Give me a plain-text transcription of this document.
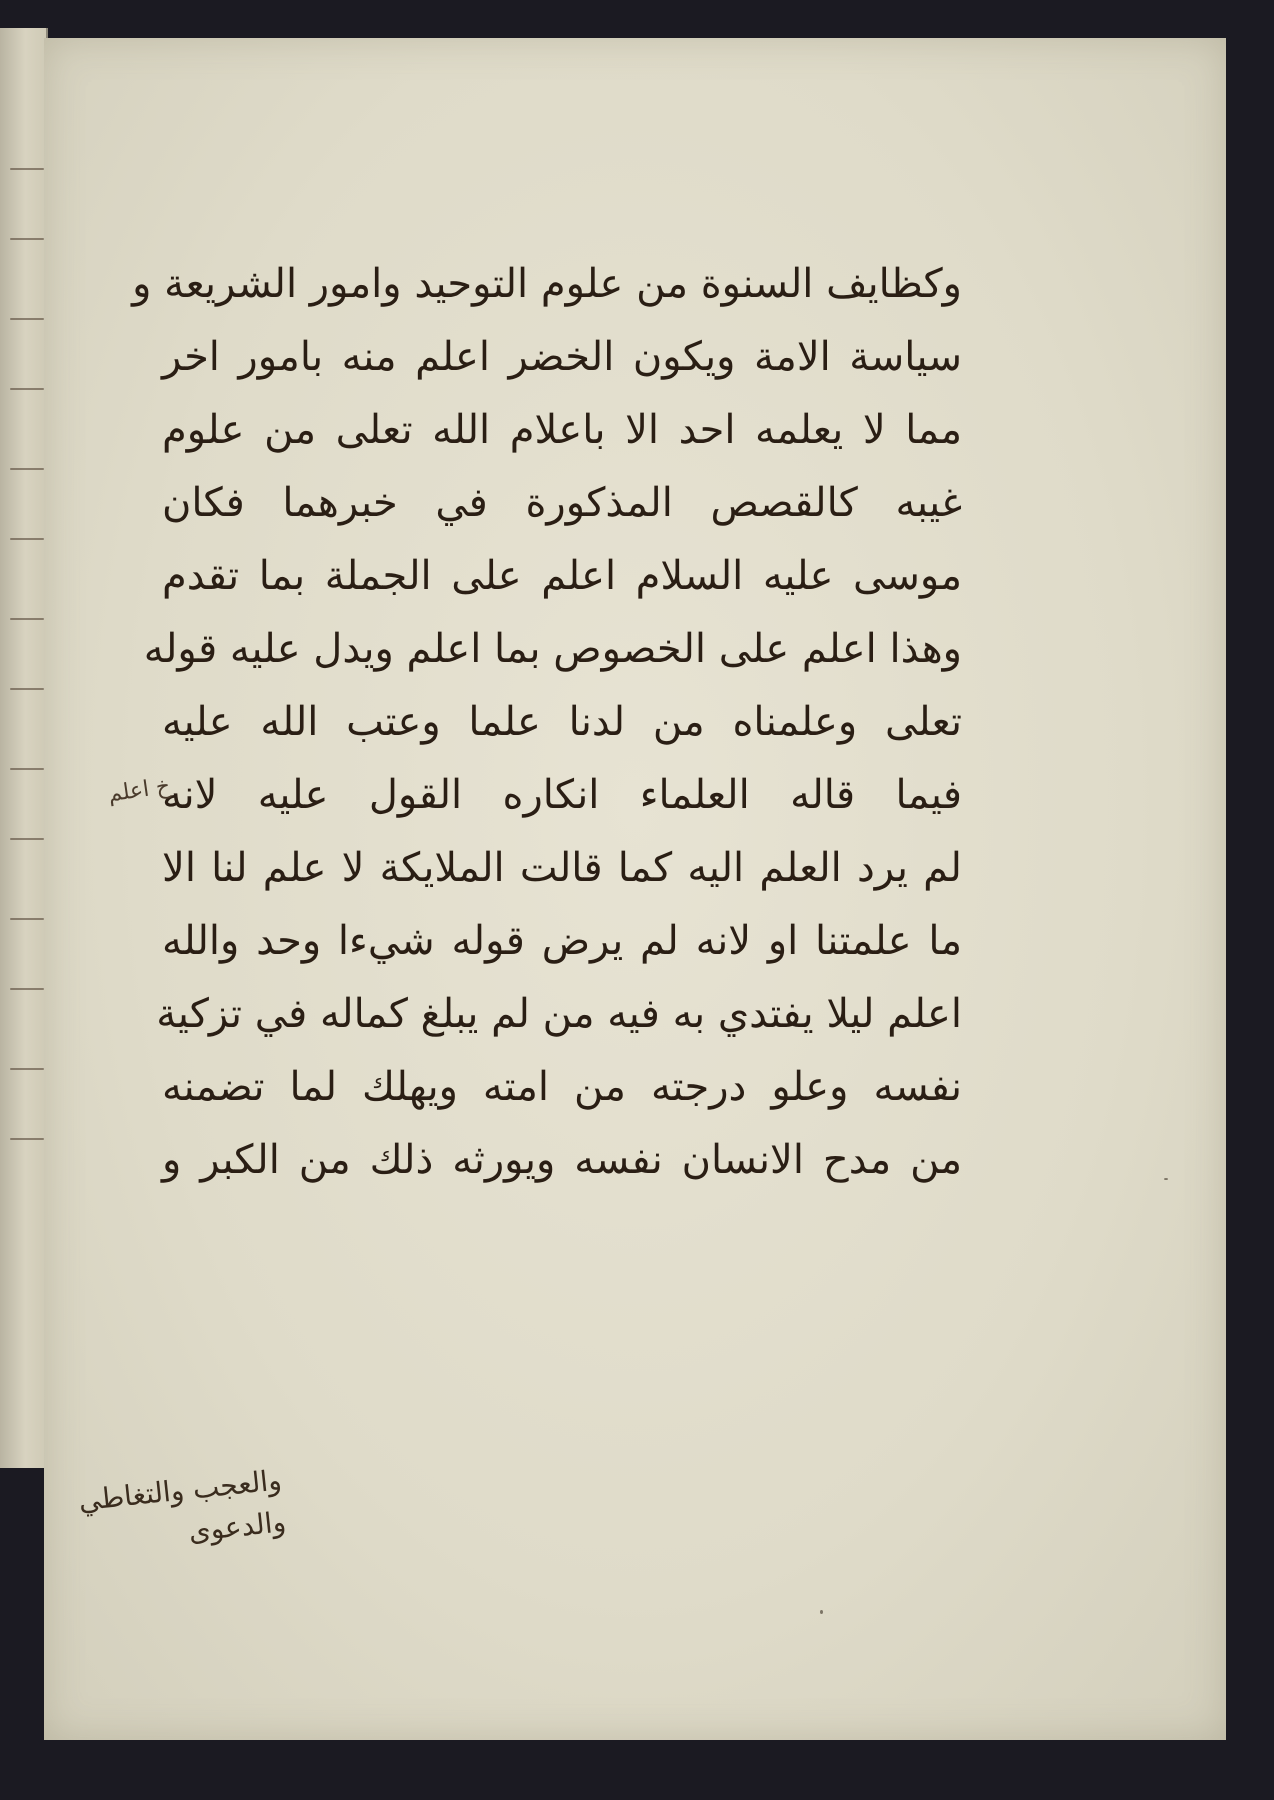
وكظايف السنوة من علوم التوحيد وامور الشريعة و
سياسة الامة ويكون الخضر اعلم منه بامور اخر
مما لا يعلمه احد الا باعلام الله تعلى من علوم
غيبه كالقصص المذكورة في خبرهما فكان
موسى عليه السلام اعلم على الجملة بما تقدم
وهذا اعلم على الخصوص بما اعلم ويدل عليه قوله
تعلى وعلمناه من لدنا علما وعتب الله عليه
فيما قاله العلماء انكاره القول عليه لانه
لم يرد العلم اليه كما قالت الملايكة لا علم لنا الا
ما علمتنا او لانه لم يرض قوله شيءا وحد والله
اعلم ليلا يفتدي به فيه من لم يبلغ كماله في تزكية
نفسه وعلو درجته من امته ويهلك لما تضمنه
من مدح الانسان نفسه ويورثه ذلك من الكبر و
خ اعلم
والعجب والتغاطي
والدعوى
